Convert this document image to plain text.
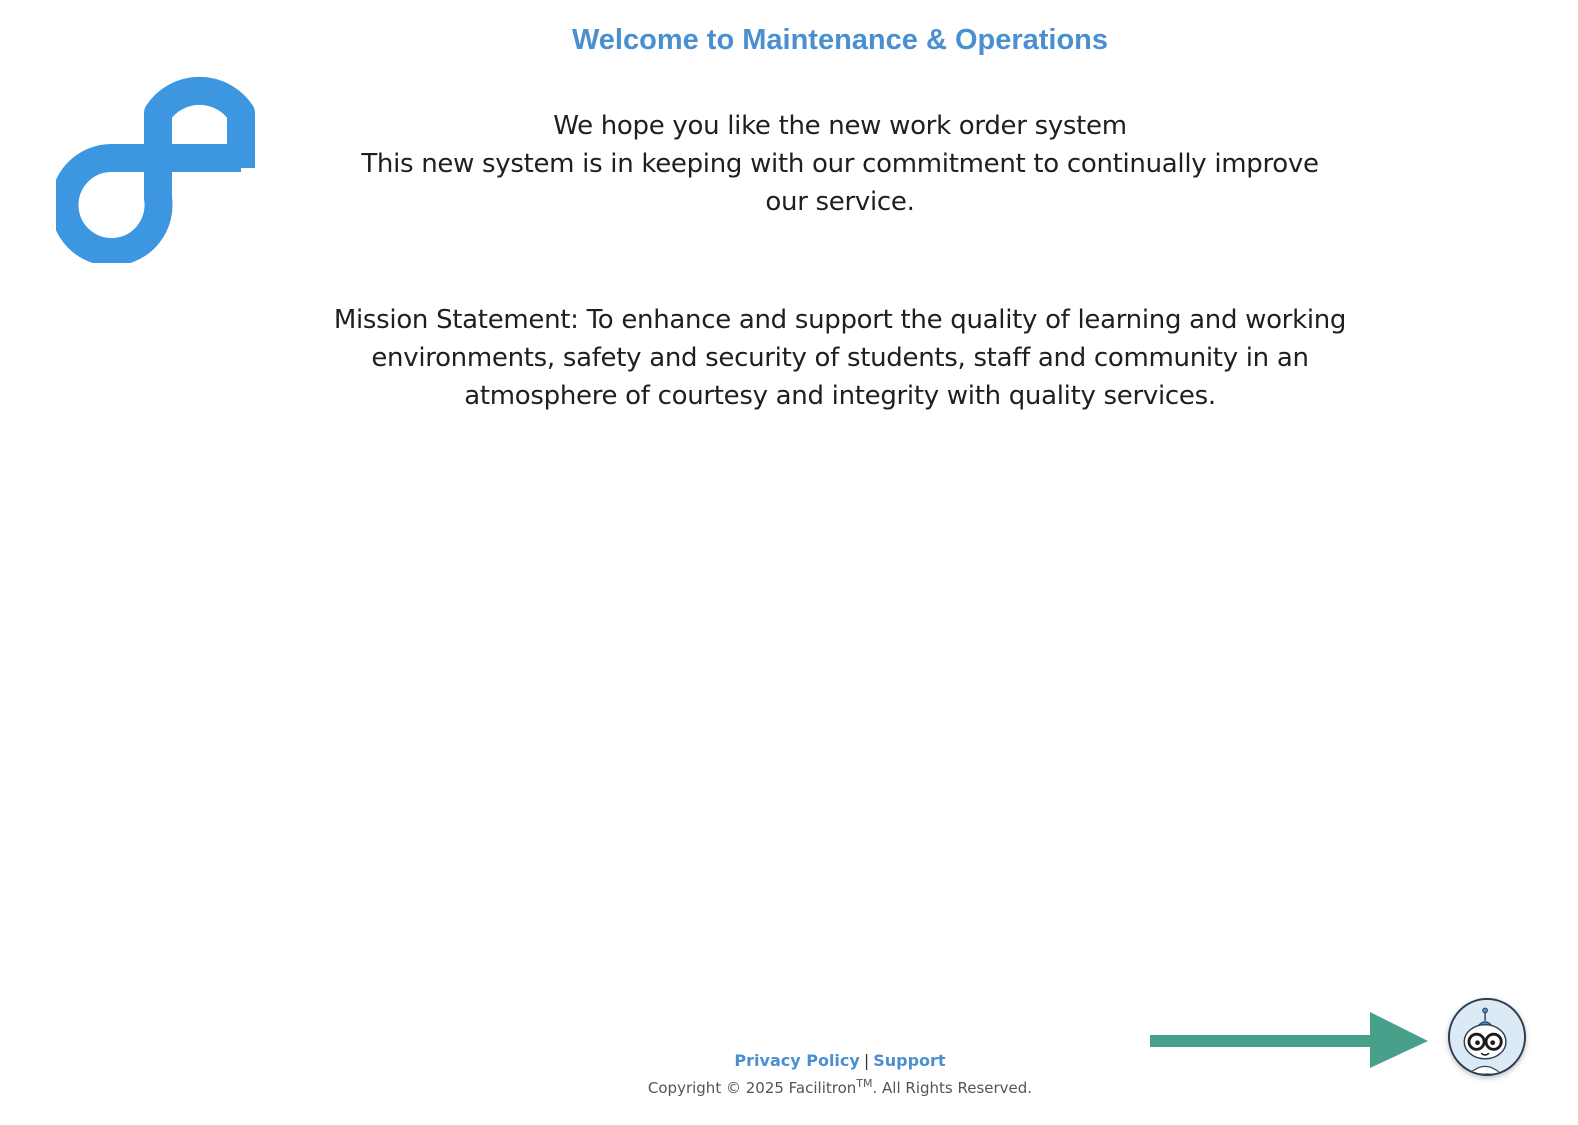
Welcome to Maintenance & Operations

We hope you like the new work order system

This new system is in keeping with our commitment to continually improve our service.

Mission Statement: To enhance and support the quality of learning and working environments, safety and security of students, staff and community in an atmosphere of courtesy and integrity with quality services.
Privacy Policy | Support
Copyright © 2025 Facilitron™. All Rights Reserved.
